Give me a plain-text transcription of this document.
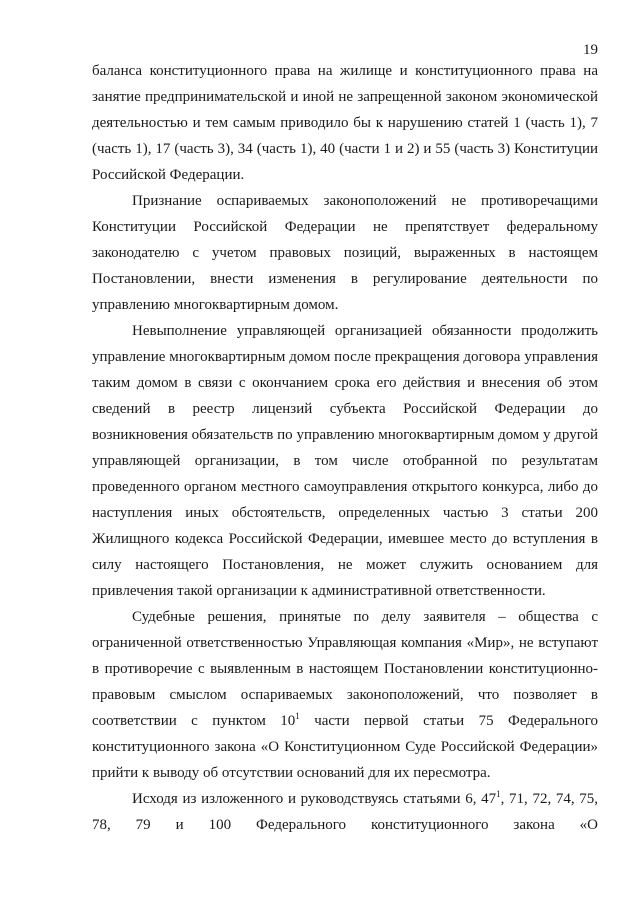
19

баланса конституционного права на жилище и конституционного права на занятие предпринимательской и иной не запрещенной законом экономической деятельностью и тем самым приводило бы к нарушению статей 1 (часть 1), 7 (часть 1), 17 (часть 3), 34 (часть 1), 40 (части 1 и 2) и 55 (часть 3) Конституции Российской Федерации.

Признание оспариваемых законоположений не противоречащими Конституции Российской Федерации не препятствует федеральному законодателю с учетом правовых позиций, выраженных в настоящем Постановлении, внести изменения в регулирование деятельности по управлению многоквартирным домом.

Невыполнение управляющей организацией обязанности продолжить управление многоквартирным домом после прекращения договора управления таким домом в связи с окончанием срока его действия и внесения об этом сведений в реестр лицензий субъекта Российской Федерации до возникновения обязательств по управлению многоквартирным домом у другой управляющей организации, в том числе отобранной по результатам проведенного органом местного самоуправления открытого конкурса, либо до наступления иных обстоятельств, определенных частью 3 статьи 200 Жилищного кодекса Российской Федерации, имевшее место до вступления в силу настоящего Постановления, не может служить основанием для привлечения такой организации к административной ответственности.

Судебные решения, принятые по делу заявителя – общества с ограниченной ответственностью Управляющая компания «Мир», не вступают в противоречие с выявленным в настоящем Постановлении конституционно-правовым смыслом оспариваемых законоположений, что позволяет в соответствии с пунктом $10^1$ части первой статьи 75 Федерального конституционного закона «О Конституционном Суде Российской Федерации» прийти к выводу об отсутствии оснований для их пересмотра.

Исходя из изложенного и руководствуясь статьями 6, $47^1$, 71, 72, 74, 75, 78, 79 и 100 Федерального конституционного закона «О
